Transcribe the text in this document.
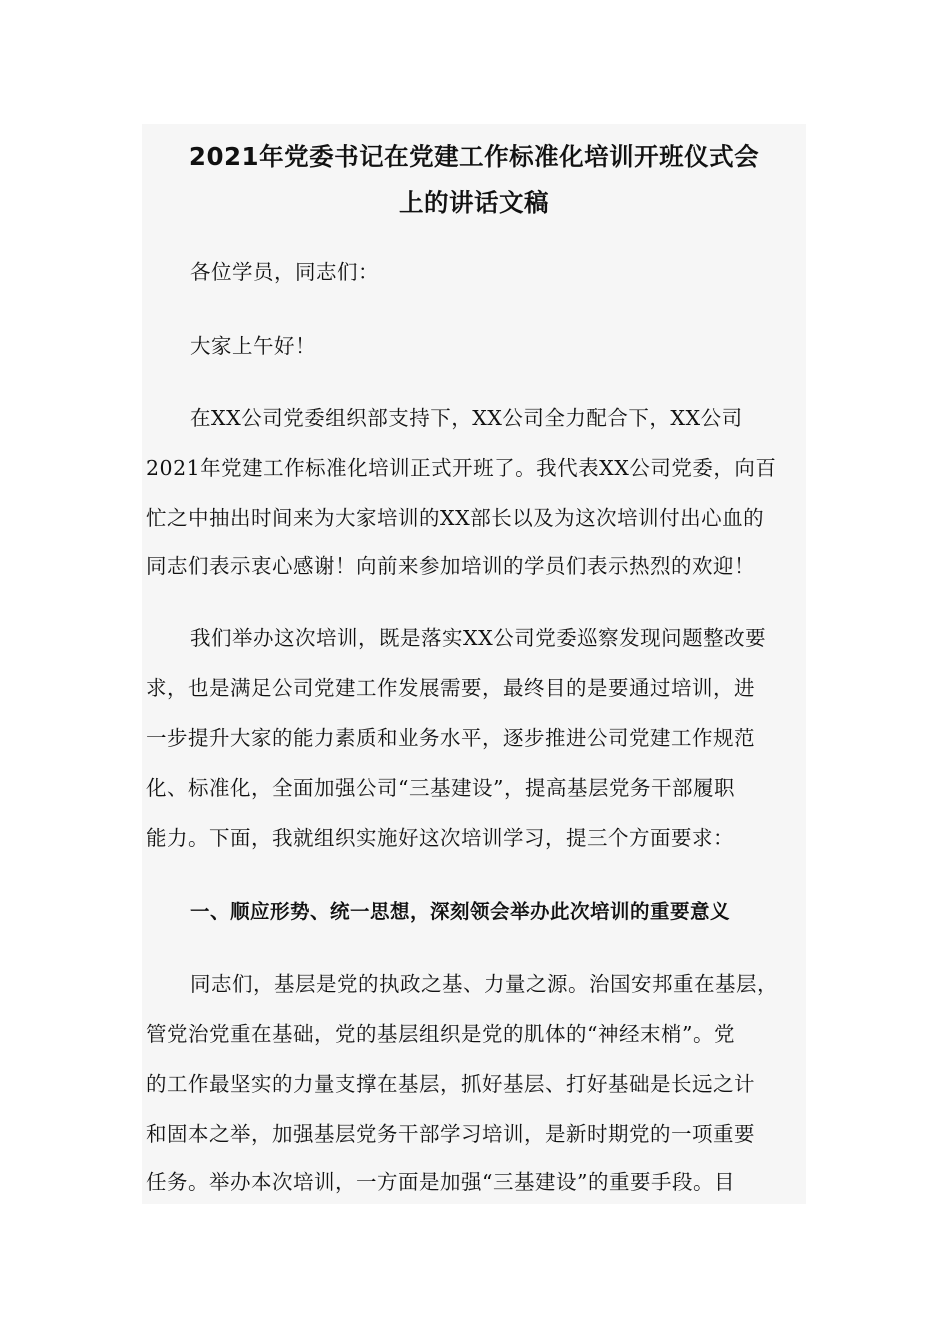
2021年党委书记在党建工作标准化培训开班仪式会
上的讲话文稿
各位学员，同志们：
大家上午好！
在XX公司党委组织部支持下，XX公司全力配合下，XX公司
2021年党建工作标准化培训正式开班了。我代表XX公司党委，向百
忙之中抽出时间来为大家培训的XX部长以及为这次培训付出心血的
同志们表示衷心感谢！向前来参加培训的学员们表示热烈的欢迎！
我们举办这次培训，既是落实XX公司党委巡察发现问题整改要
求，也是满足公司党建工作发展需要，最终目的是要通过培训，进
一步提升大家的能力素质和业务水平，逐步推进公司党建工作规范
化、标准化，全面加强公司“三基建设”，提高基层党务干部履职
能力。下面，我就组织实施好这次培训学习，提三个方面要求：
一、顺应形势、统一思想，深刻领会举办此次培训的重要意义
同志们，基层是党的执政之基、力量之源。治国安邦重在基层，
管党治党重在基础，党的基层组织是党的肌体的“神经末梢”。党
的工作最坚实的力量支撑在基层，抓好基层、打好基础是长远之计
和固本之举，加强基层党务干部学习培训，是新时期党的一项重要
任务。举办本次培训，一方面是加强“三基建设”的重要手段。目
